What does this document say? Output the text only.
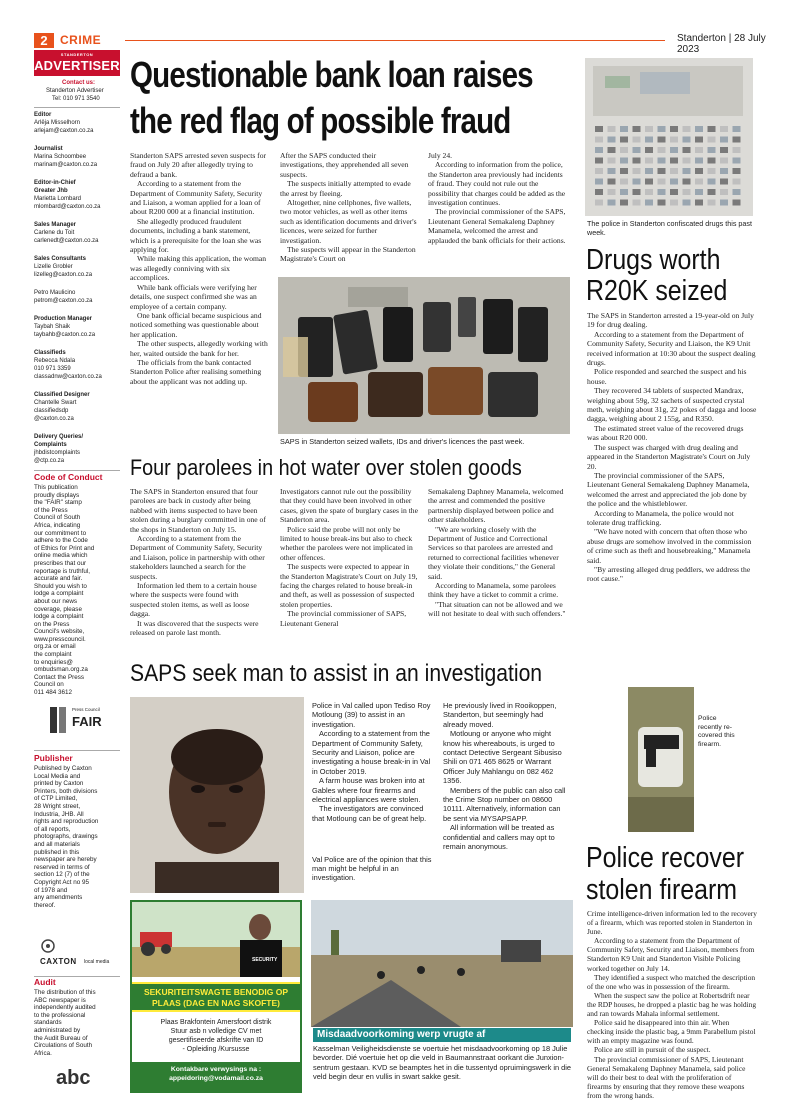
2	CRIME	Standerton | 28 July 2023
STANDERTON
ADVERTISER
Contact us:
Standerton Advertiser
Tel: 010 971 3540
Editor
Arlêja Misselhorn
arlejam@caxton.co.za
Journalist
Marina Schoombee
marinam@caxton.co.za
Editor-in-Chief
Greater Jhb
Marietta Lombard
mlombard@caxton.co.za
Sales Manager
Carlene du Toit
carlenedt@caxton.co.za
Sales Consultants
Lizelle Grobler
lizelleg@caxton.co.za
Petro Maulicino
petrom@caxton.co.za
Production Manager
Taybah Shaik
taybahb@caxton.co.za
Classifieds
Rebecca Ndala
010 971 3359
classadnw@caxton.co.za
Classified Designer
Chantelle Swart
classifiedsdp
@caxton.co.za
Delivery Queries/
Complaints
jhbdistcomplaints
@ctp.co.za
Code of Conduct
This publication
proudly displays
the "FAIR" stamp
of the Press
Council of South
Africa, indicating
our commitment to
adhere to the Code
of Ethics for Print and
online media which
prescribes that our
reportage is truthful,
accurate and fair.
Should you wish to
lodge a complaint
about our news
coverage, please
lodge a complaint
on the Press
Council's website,
www.presscouncil.
org.za or email
the complaint
to enquiries@
ombudsman.org.za
Contact the Press
Council on
011 484 3612
Press Council
FAIR
Publisher
Published by Caxton
Local Media and
printed by Caxton
Printers, both divisions
of CTP Limited,
28 Wright street,
Industria, JHB. All
rights and reproduction
of all reports,
photographs, drawings
and all materials
published in this
newspaper are hereby
reserved in terms of
section 12 (7) of the
Copyright Act no 95
of 1978 and
any amendments
thereof.
CAXTON local media
Audit
The distribution of this
ABC newspaper is
independently audited
to the professional
standards
administrated by
the Audit Bureau of
Circulations of South
Africa.
abc
Questionable bank loan raises
the red flag of possible fraud

Standerton SAPS arrested seven suspects for fraud on July 20 after allegedly trying to defraud a bank.

According to a statement from the Department of Community Safety, Security and Liaison, a woman applied for a loan of about R200 000 at a financial institution.

She allegedly produced fraudulent documents, including a bank statement, which is a prerequisite for the loan she was applying for.

While making this application, the woman was allegedly conniving with six accomplices.

While bank officials were verifying her details, one suspect confirmed she was an employee of a certain company.

One bank official became suspicious and noticed something was questionable about her application.

The other suspects, allegedly working with her, waited outside the bank for her.

The officials from the bank contacted Standerton Police after realising something about the applicant was not adding up.

After the SAPS conducted their investigations, they apprehended all seven suspects.

The suspects initially attempted to evade the arrest by fleeing.

Altogether, nine cellphones, five wallets, two motor vehicles, as well as other items such as identification documents and driver's licences, were seized for further investigation.

The suspects will appear in the Standerton Magistrate's Court on

July 24.

According to information from the police, the Standerton area previously had incidents of fraud. They could not rule out the possibility that charges could be added as the investigation continues.

The provincial commissioner of the SAPS, Lieutenant General Semakaleng Daphney Manamela, welcomed the arrest and applauded the bank officials for their actions.

SAPS in Standerton seized wallets, IDs and driver's licences the past week.
The police in Standerton confiscated drugs this past week.
Drugs worth
R20K seized

The SAPS in Standerton arrested a 19-year-old on July 19 for drug dealing.

According to a statement from the Department of Community Safety, Security and Liaison, the K9 Unit received information at 10:30 about the suspect dealing drugs.

Police responded and searched the suspect and his house.

They recovered 34 tablets of suspected Mandrax, weighing about 59g, 32 sachets of suspected crystal meth, weighing about 31g, 22 pokes of dagga and loose dagga, weighing about 2 155g, and R350.

The estimated street value of the recovered drugs was about R20 000.

The suspect was charged with drug dealing and appeared in the Standerton Magistrate's Court on July 20.

The provincial commissioner of the SAPS, Lieutenant General Semakaleng Daphney Manamela, welcomed the arrest and appreciated the job done by the police and the whistleblower.

According to Manamela, the police would not tolerate drug trafficking.

"We have noted with concern that often those who abuse drugs are somehow involved in the commission of crime such as theft and housebreaking," Manamela said.

"By arresting alleged drug peddlers, we address the root cause."

Four parolees in hot water over stolen goods

The SAPS in Standerton ensured that four parolees are back in custody after being nabbed with items suspected to have been stolen during a burglary committed in one of the shops in Standerton on July 15.

According to a statement from the Department of Community Safety, Security and Liaison, police in partnership with other stakeholders launched a search for the suspects.

Information led them to a certain house where the suspects were found with suspected stolen items, as well as loose dagga.

It was discovered that the suspects were released on parole last month.

Investigators cannot rule out the possibility that they could have been involved in other cases, given the spate of burglary cases in the Standerton area.

Police said the probe will not only be limited to house break-ins but also to check whether the parolees were not implicated in other offences.

The suspects were expected to appear in the Standerton Magistrate's Court on July 19, facing the charges related to house break-in and theft, as well as possession of suspected stolen properties.

The provincial commissioner of SAPS, Lieutenant General

Semakaleng Daphney Manamela, welcomed the arrest and commended the positive partnership displayed between police and other stakeholders.

"We are working closely with the Department of Justice and Correctional Services so that parolees are arrested and returned to correctional facilities whenever they violate their conditions," the General said.

According to Manamela, some parolees think they have a ticket to commit a crime.

"That situation can not be allowed and we will not hesitate to deal with such offenders."

SAPS seek man to assist in an investigation

Police in Val called upon Tediso Roy Motloung (39) to assist in an investigation.

According to a statement from the Department of Community Safety, Security and Liaison, police are investigating a house break-in in Val in October 2019.

A farm house was broken into at Gables where four firearms and electrical appliances were stolen.

The investigators are convinced that Motloung can be of great help.

Val Police are of the opinion that this man might be helpful in an investigation.

He previously lived in Rooikoppen, Standerton, but seemingly had already moved.

Motloung or anyone who might know his whereabouts, is urged to contact Detective Sergeant Sibusiso Shili on 071 465 8625 or Warrant Officer July Mahlangu on 082 462 1356.

Members of the public can also call the Crime Stop number on 08600 10111. Alternatively, information can be sent via MYSAPSAPP.

All information will be treated as confidential and callers may opt to remain anonymous.

SECURITY
SEKURITEITSWAGTE BENODIG OP
PLAAS (DAG EN NAG SKOFTE)
Plaas Brakfontein Amersfoort distrik
Stuur asb n volledige CV met
gesertifiseerde afskrifte van ID
- Opleiding /Kursusse
Kontakbare verwysings na :
appeidoring@vodamail.co.za
Misdaadvoorkoming werp vrugte af
Kasselman Veiligheidsdienste se voertuie het misdaadvoorkoming op 18 Julie bevorder. Dié voertuie het op die veld in Baumannstraat oorkant die Junxion-sentrum gestaan. KVD se beamptes het in die tussentyd opruimingswerk in die veld begin deur en vullis in swart sakke gesit.
Police
recently re-
covered this
firearm.
Police recover
stolen firearm

Crime intelligence-driven information led to the recovery of a firearm, which was reported stolen in Standerton in June.

According to a statement from the Department of Community Safety, Security and Liaison, members from Standerton K9 Unit and Standerton Visible Policing worked together on July 14.

They identified a suspect who matched the description of the one who was in possession of the firearm.

When the suspect saw the police at Robertsdrift near the RDP houses, he dropped a plastic bag he was holding and ran towards Mahala informal settlement.

Police said he disappeared into thin air. When checking inside the plastic bag, a 9mm Parabellum pistol with an empty magazine was found.

Police are still in pursuit of the suspect.

The provincial commissioner of SAPS, Lieutenant General Semakaleng Daphney Manamela, said police will do their best to deal with the proliferation of firearms by ensuring that they remove these weapons from the wrong hands.
